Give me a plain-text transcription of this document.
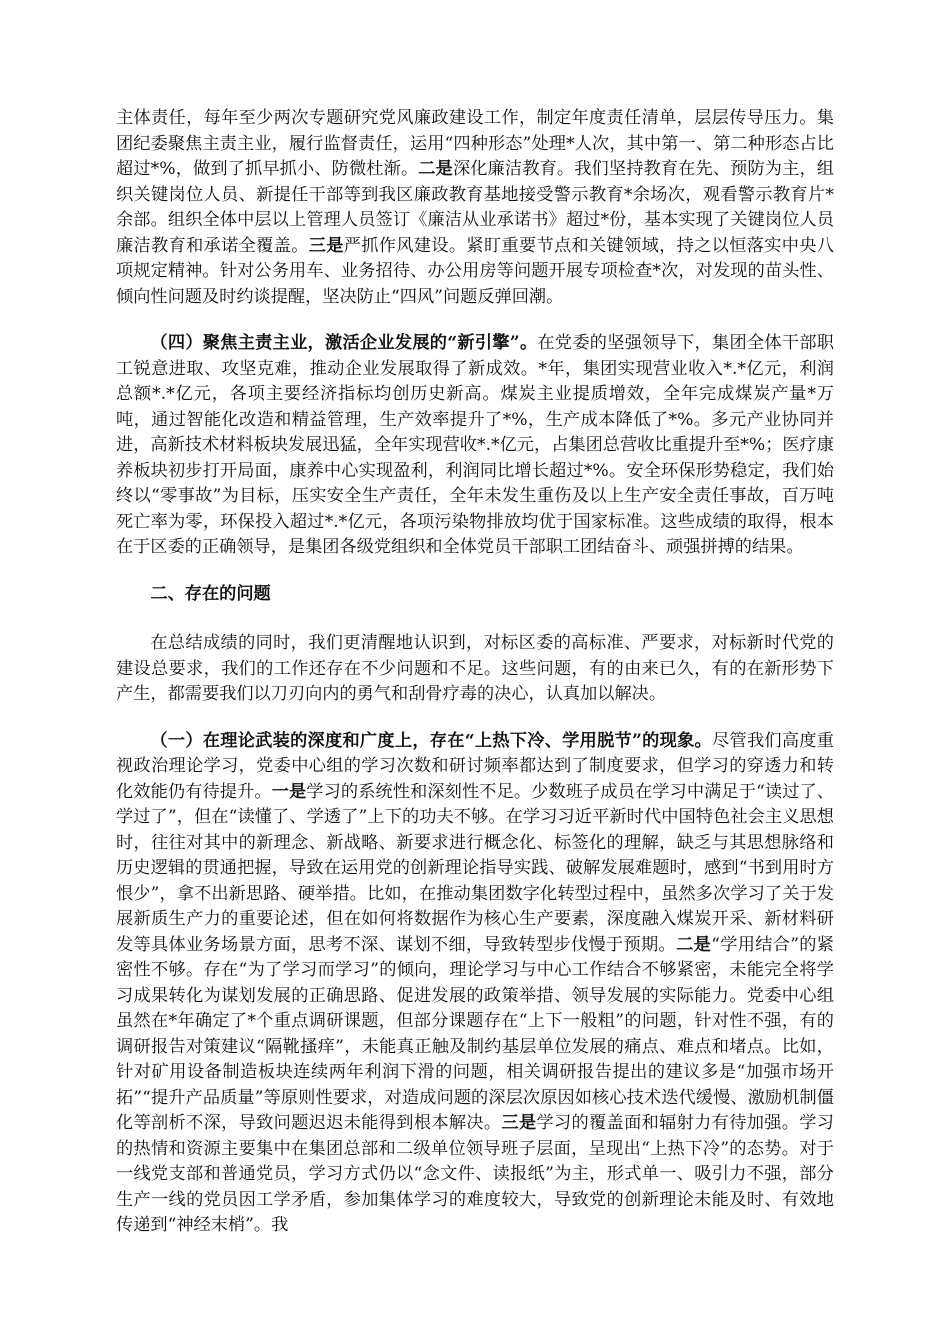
主体责任，每年至少两次专题研究党风廉政建设工作，制定年度责任清单，层层传导压力。集团纪委聚焦主责主业，履行监督责任，运用“四种形态”处理*人次，其中第一、第二种形态占比超过*%，做到了抓早抓小、防微杜渐。二是深化廉洁教育。我们坚持教育在先、预防为主，组织关键岗位人员、新提任干部等到我区廉政教育基地接受警示教育*余场次，观看警示教育片*余部。组织全体中层以上管理人员签订《廉洁从业承诺书》超过*份，基本实现了关键岗位人员廉洁教育和承诺全覆盖。三是严抓作风建设。紧盯重要节点和关键领域，持之以恒落实中央八项规定精神。针对公务用车、业务招待、办公用房等问题开展专项检查*次，对发现的苗头性、倾向性问题及时约谈提醒，坚决防止“四风”问题反弹回潮。

（四）聚焦主责主业，激活企业发展的“新引擎”。在党委的坚强领导下，集团全体干部职工锐意进取、攻坚克难，推动企业发展取得了新成效。*年，集团实现营业收入*.*亿元，利润总额*.*亿元，各项主要经济指标均创历史新高。煤炭主业提质增效，全年完成煤炭产量*万吨，通过智能化改造和精益管理，生产效率提升了*%，生产成本降低了*%。多元产业协同并进，高新技术材料板块发展迅猛，全年实现营收*.*亿元，占集团总营收比重提升至*%；医疗康养板块初步打开局面，康养中心实现盈利，利润同比增长超过*%。安全环保形势稳定，我们始终以“零事故”为目标，压实安全生产责任，全年未发生重伤及以上生产安全责任事故，百万吨死亡率为零，环保投入超过*.*亿元，各项污染物排放均优于国家标准。这些成绩的取得，根本在于区委的正确领导，是集团各级党组织和全体党员干部职工团结奋斗、顽强拼搏的结果。

二、存在的问题

在总结成绩的同时，我们更清醒地认识到，对标区委的高标准、严要求，对标新时代党的建设总要求，我们的工作还存在不少问题和不足。这些问题，有的由来已久，有的在新形势下产生，都需要我们以刀刃向内的勇气和刮骨疗毒的决心，认真加以解决。

（一）在理论武装的深度和广度上，存在“上热下冷、学用脱节”的现象。尽管我们高度重视政治理论学习，党委中心组的学习次数和研讨频率都达到了制度要求，但学习的穿透力和转化效能仍有待提升。一是学习的系统性和深刻性不足。少数班子成员在学习中满足于“读过了、学过了”，但在“读懂了、学透了”上下的功夫不够。在学习习近平新时代中国特色社会主义思想时，往往对其中的新理念、新战略、新要求进行概念化、标签化的理解，缺乏与其思想脉络和历史逻辑的贯通把握，导致在运用党的创新理论指导实践、破解发展难题时，感到“书到用时方恨少”，拿不出新思路、硬举措。比如，在推动集团数字化转型过程中，虽然多次学习了关于发展新质生产力的重要论述，但在如何将数据作为核心生产要素，深度融入煤炭开采、新材料研发等具体业务场景方面，思考不深、谋划不细，导致转型步伐慢于预期。二是“学用结合”的紧密性不够。存在“为了学习而学习”的倾向，理论学习与中心工作结合不够紧密，未能完全将学习成果转化为谋划发展的正确思路、促进发展的政策举措、领导发展的实际能力。党委中心组虽然在*年确定了*个重点调研课题，但部分课题存在“上下一般粗”的问题，针对性不强，有的调研报告对策建议“隔靴搔痒”，未能真正触及制约基层单位发展的痛点、难点和堵点。比如，针对矿用设备制造板块连续两年利润下滑的问题，相关调研报告提出的建议多是“加强市场开拓”“提升产品质量”等原则性要求，对造成问题的深层次原因如核心技术迭代缓慢、激励机制僵化等剖析不深，导致问题迟迟未能得到根本解决。三是学习的覆盖面和辐射力有待加强。学习的热情和资源主要集中在集团总部和二级单位领导班子层面，呈现出“上热下冷”的态势。对于一线党支部和普通党员，学习方式仍以“念文件、读报纸”为主，形式单一、吸引力不强，部分生产一线的党员因工学矛盾，参加集体学习的难度较大，导致党的创新理论未能及时、有效地传递到“神经末梢”。我
